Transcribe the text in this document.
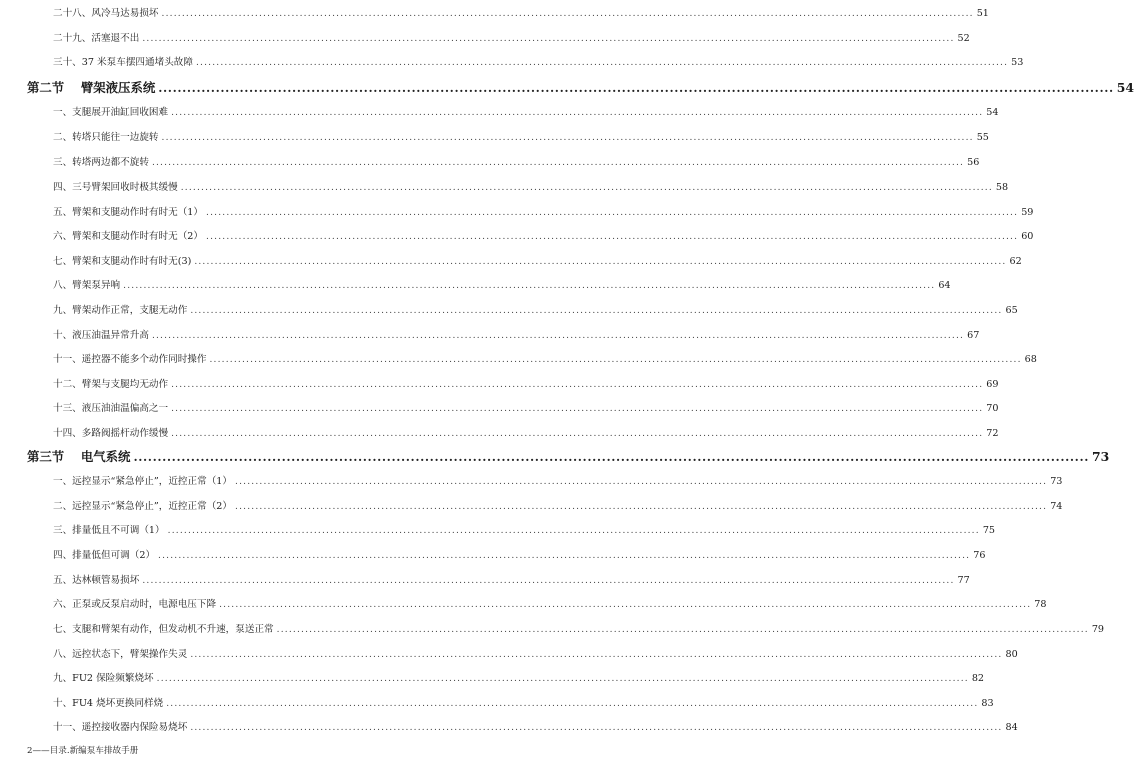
二十八、风冷马达易损坏 ........................................................................................................................................................................................................ 51
二十九、活塞退不出 ........................................................................................................................................................................................................ 52
三十、37 米泵车摆四通堵头故障 ........................................................................................................................................................................................................ 53
第二节　 臂架液压系统 ........................................................................................................................................................................................................ 54
一、支腿展开油缸回收困难 ........................................................................................................................................................................................................ 54
二、转塔只能往一边旋转 ........................................................................................................................................................................................................ 55
三、转塔两边都不旋转 ........................................................................................................................................................................................................ 56
四、三号臂架回收时极其缓慢 ........................................................................................................................................................................................................ 58
五、臂架和支腿动作时有时无（1） ........................................................................................................................................................................................................ 59
六、臂架和支腿动作时有时无（2） ........................................................................................................................................................................................................ 60
七、臂架和支腿动作时有时无(3) ........................................................................................................................................................................................................ 62
八、臂架泵异响 ........................................................................................................................................................................................................ 64
九、臂架动作正常，支腿无动作 ........................................................................................................................................................................................................ 65
十、液压油温异常升高 ........................................................................................................................................................................................................ 67
十一、遥控器不能多个动作同时操作 ........................................................................................................................................................................................................ 68
十二、臂架与支腿均无动作 ........................................................................................................................................................................................................ 69
十三、液压油油温偏高之一 ........................................................................................................................................................................................................ 70
十四、多路阀摇杆动作缓慢 ........................................................................................................................................................................................................ 72
第三节　 电气系统 ........................................................................................................................................................................................................ 73
一、远控显示“紧急停止”，近控正常（1） ........................................................................................................................................................................................................ 73
二、远控显示“紧急停止”，近控正常（2） ........................................................................................................................................................................................................ 74
三、排量低且不可调（1） ........................................................................................................................................................................................................ 75
四、排量低但可调（2） ........................................................................................................................................................................................................ 76
五、达林顿管易损坏 ........................................................................................................................................................................................................ 77
六、正泵或反泵启动时，电源电压下降 ........................................................................................................................................................................................................ 78
七、支腿和臂架有动作，但发动机不升速，泵送正常 ........................................................................................................................................................................................................ 79
八、远控状态下，臂架操作失灵 ........................................................................................................................................................................................................ 80
九、FU2 保险频繁烧坏 ........................................................................................................................................................................................................ 82
十、FU4 烧坏更换同样烧 ........................................................................................................................................................................................................ 83
十一、遥控接收器内保险易烧坏 ........................................................................................................................................................................................................ 84
2——目录.新编泵车排故手册
